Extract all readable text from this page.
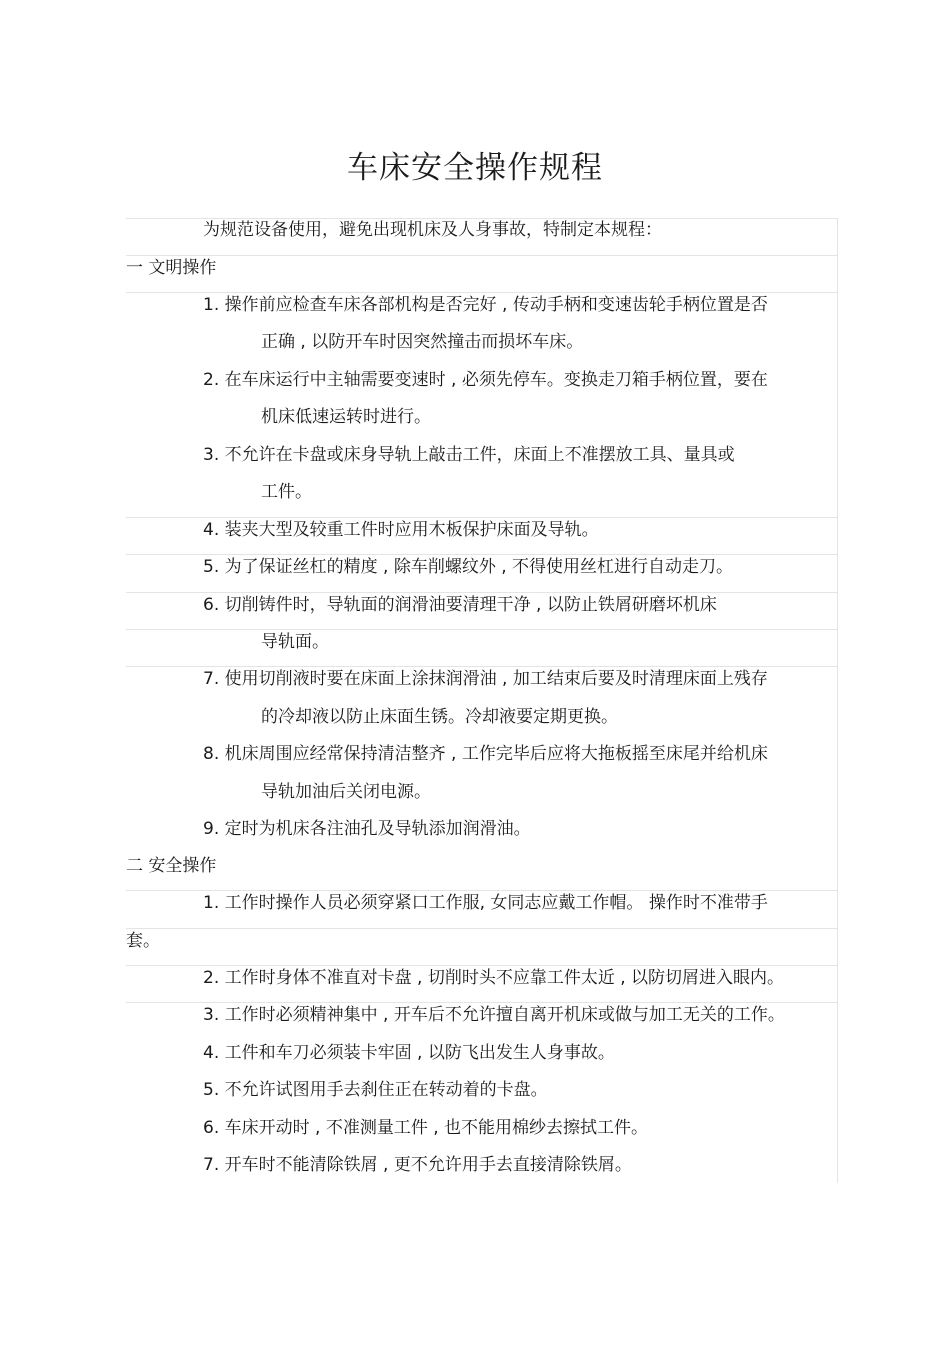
车床安全操作规程
为规范设备使用，避免出现机床及人身事故，特制定本规程：
一 文明操作
1. 操作前应检查车床各部机构是否完好 , 传动手柄和变速齿轮手柄位置是否
正确 , 以防开车时因突然撞击而损坏车床。
2. 在车床运行中主轴需要变速时 , 必须先停车。变换走刀箱手柄位置，要在
机床低速运转时进行。
3. 不允许在卡盘或床身导轨上敲击工件，床面上不准摆放工具、量具或
工件。
4. 装夹大型及较重工件时应用木板保护床面及导轨。
5. 为了保证丝杠的精度 , 除车削螺纹外 , 不得使用丝杠进行自动走刀。
6. 切削铸件时，导轨面的润滑油要清理干净 , 以防止铁屑研磨坏机床
导轨面。
7. 使用切削液时要在床面上涂抹润滑油 , 加工结束后要及时清理床面上残存
的冷却液以防止床面生锈。冷却液要定期更换。
8. 机床周围应经常保持清洁整齐 , 工作完毕后应将大拖板摇至床尾并给机床
导轨加油后关闭电源。
9. 定时为机床各注油孔及导轨添加润滑油。
二 安全操作
1. 工作时操作人员必须穿紧口工作服, 女同志应戴工作帽。 操作时不准带手
套。
2. 工作时身体不准直对卡盘 , 切削时头不应靠工件太近 , 以防切屑进入眼内。
3. 工作时必须精神集中 , 开车后不允许擅自离开机床或做与加工无关的工作。
4. 工件和车刀必须装卡牢固 , 以防飞出发生人身事故。
5. 不允许试图用手去刹住正在转动着的卡盘。
6. 车床开动时 , 不准测量工件 , 也不能用棉纱去擦拭工件。
7. 开车时不能清除铁屑 , 更不允许用手去直接清除铁屑。
